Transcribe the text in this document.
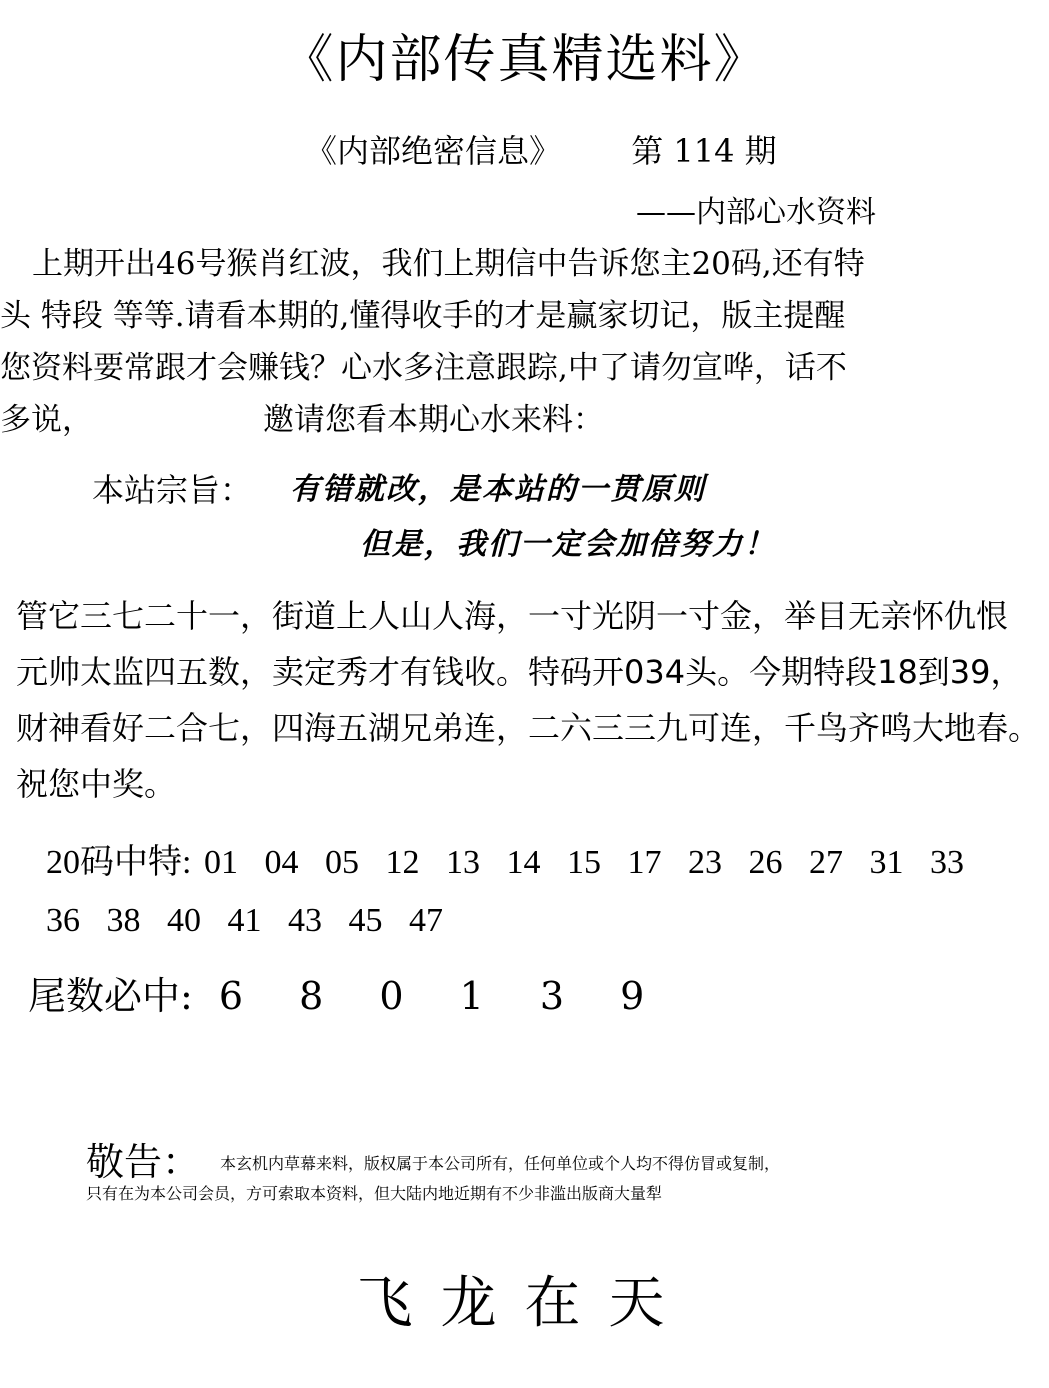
《内部传真精选料》
《内部绝密信息》 第 114 期
——内部心水资料
上期开出46号猴肖红波，我们上期信中告诉您主20码,还有特
头 特段 等等.请看本期的,懂得收手的才是赢家切记，版主提醒
您资料要常跟才会赚钱？心水多注意跟踪,中了请勿宣哗，话不
多说，	邀请您看本期心水来料：
本站宗旨： 有错就改，是本站的一贯原则
但是，我们一定会加倍努力！
管它三七二十一，街道上人山人海，一寸光阴一寸金，举目无亲怀仇恨
元帅太监四五数，卖定秀才有钱收。特码开034头。今期特段18到39，
财神看好二合七，四海五湖兄弟连，二六三三九可连，千鸟齐鸣大地春。
祝您中奖。
20码中特: 01 04 05 12 13 14 15 17 23 26 27 31 33
36 38 40 41 43 45 47
尾数必中: 6 8 0 1 3 9
敬告： 本玄机内草幕来料，版权属于本公司所有，任何单位或个人均不得仿冒或复制，
只有在为本公司会员，方可索取本资料，但大陆内地近期有不少非滥出版商大量犁
飞龙在天
